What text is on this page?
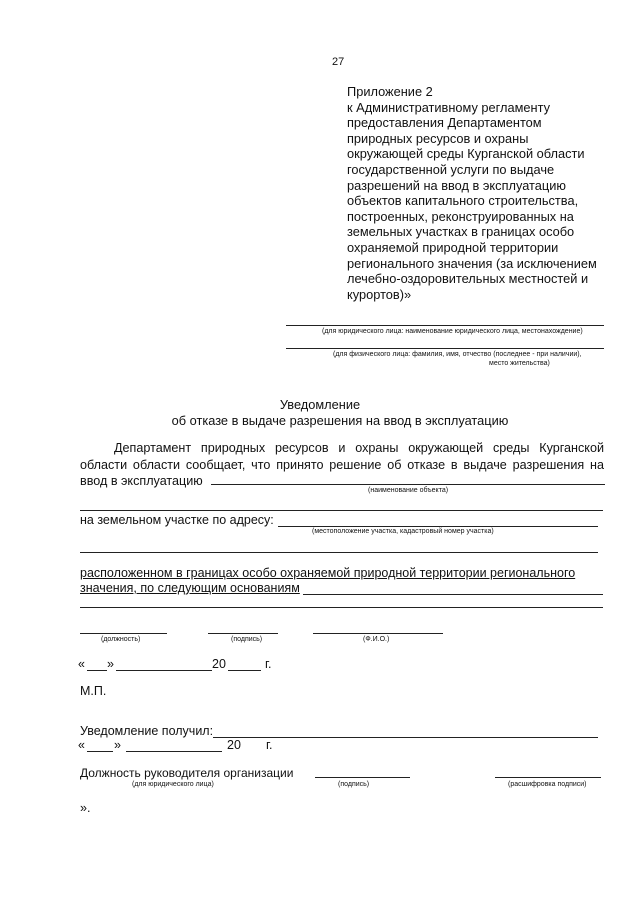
27
Приложение 2
к Административному регламенту
предоставления Департаментом
природных ресурсов и охраны
окружающей среды Курганской области
государственной услуги по выдаче
разрешений на ввод в эксплуатацию
объектов капитального строительства,
построенных, реконструированных на
земельных участках в границах особо
охраняемой природной территории
регионального значения (за исключением
лечебно-оздоровительных местностей и
курортов)»
(для юридического лица: наименование юридического лица, местонахождение)
(для физического лица: фамилия, имя, отчество (последнее - при наличии),
место жительства)
Уведомление
об отказе в выдаче разрешения на ввод в эксплуатацию
Департамент природных ресурсов и охраны окружающей среды Курганской области области сообщает, что принято решение об отказе в выдаче разрешения на ввод в эксплуатацию
(наименование объекта)
на земельном участке по адресу:
(местоположение участка, кадастровый номер участка)
расположенном в границах особо охраняемой природной территории регионального
значения, по следующим основаниям
(должность)	(подпись)	(Ф.И.О.)
« »	20	г.
М.П.
Уведомление получил:
« »	20 г.
Должность руководителя организации
(для юридического лица)	(подпись)	(расшифровка подписи)
».
